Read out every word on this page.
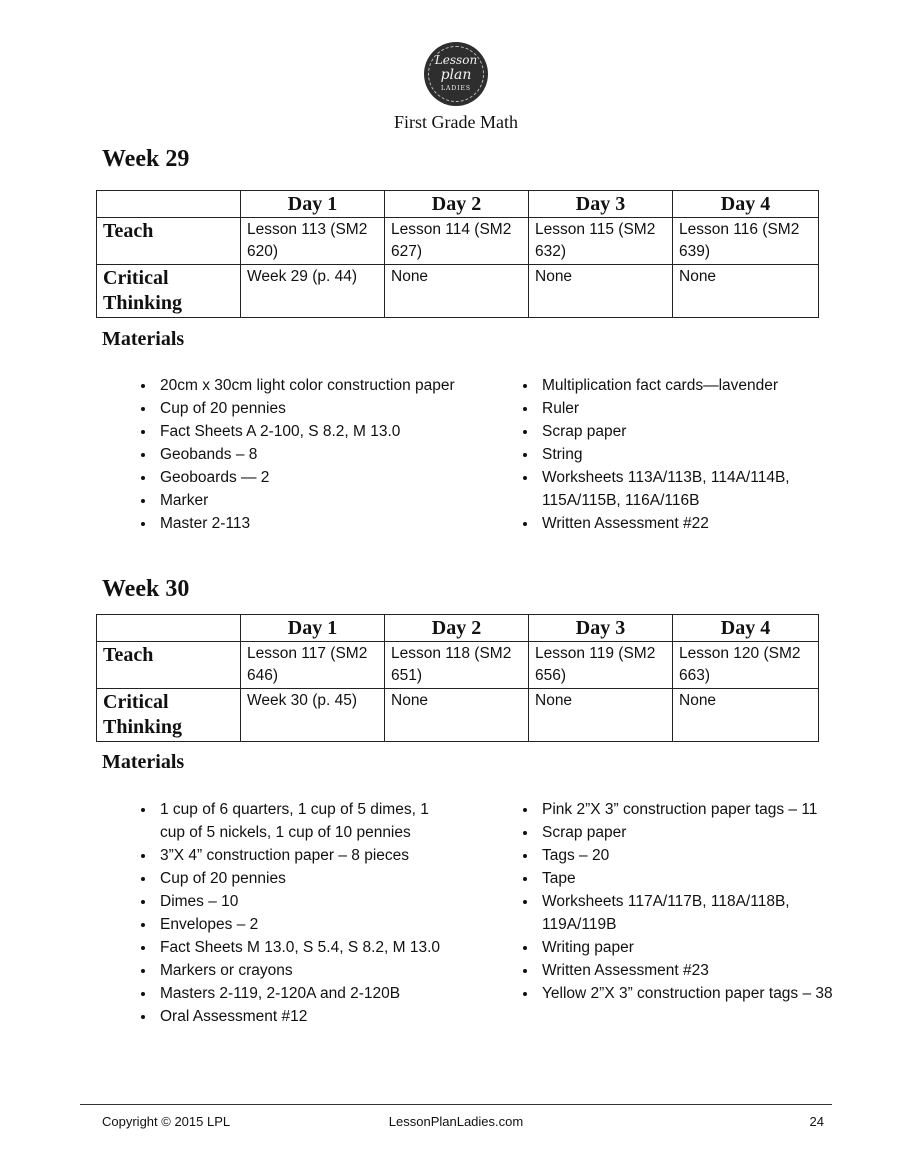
Lesson
plan
LADIES
First Grade Math
Week 29
	Day 1	Day 2	Day 3	Day 4
Teach	Lesson 113 (SM2 620)	Lesson 114 (SM2 627)	Lesson 115 (SM2 632)	Lesson 116 (SM2 639)
Critical Thinking	Week 29 (p. 44)	None	None	None
Materials
• 20cm x 30cm light color construction paper
• Cup of 20 pennies
• Fact Sheets A 2-100, S 8.2, M 13.0
• Geobands – 8
• Geoboards — 2
• Marker
• Master 2-113
• Multiplication fact cards—lavender
• Ruler
• Scrap paper
• String
• Worksheets 113A/113B, 114A/114B, 115A/115B, 116A/116B
• Written Assessment #22
Week 30
	Day 1	Day 2	Day 3	Day 4
Teach	Lesson 117 (SM2 646)	Lesson 118 (SM2 651)	Lesson 119 (SM2 656)	Lesson 120 (SM2 663)
Critical Thinking	Week 30 (p. 45)	None	None	None
Materials
• 1 cup of 6 quarters, 1 cup of 5 dimes, 1 cup of 5 nickels, 1 cup of 10 pennies
• 3”X 4” construction paper – 8 pieces
• Cup of 20 pennies
• Dimes – 10
• Envelopes – 2
• Fact Sheets M 13.0, S 5.4, S 8.2, M 13.0
• Markers or crayons
• Masters 2-119, 2-120A and 2-120B
• Oral Assessment #12
• Pink 2”X 3” construction paper tags – 11
• Scrap paper
• Tags – 20
• Tape
• Worksheets 117A/117B, 118A/118B, 119A/119B
• Writing paper
• Written Assessment #23
• Yellow 2”X 3” construction paper tags – 38
Copyright © 2015 LPL	LessonPlanLadies.com	24
